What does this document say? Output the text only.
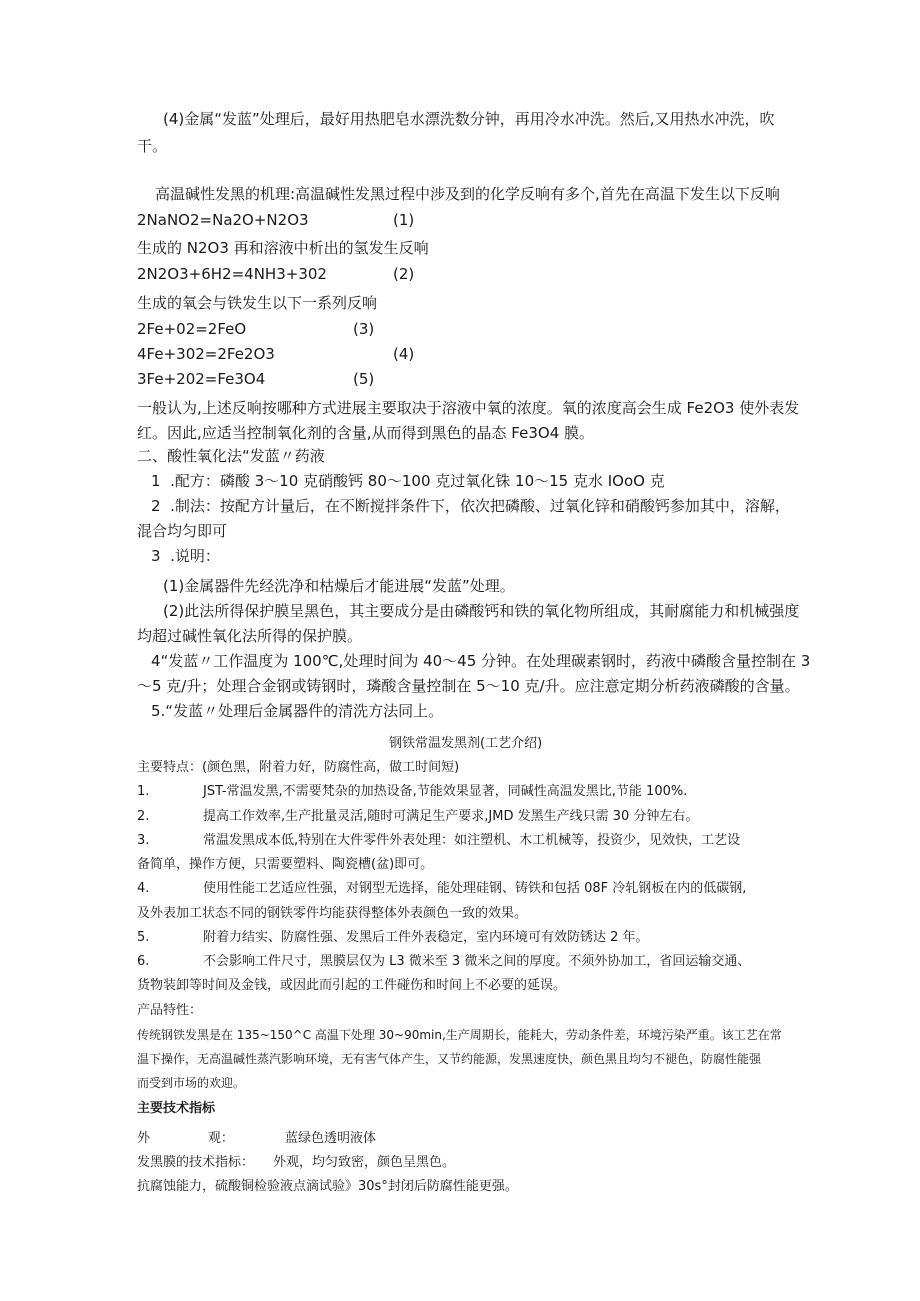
(4)金属“发蓝”处理后，最好用热肥皂水漂洗数分钟，再用冷水冲洗。然后,又用热水冲洗，吹
干。
高温碱性发黑的机理:高温碱性发黑过程中涉及到的化学反响有多个,首先在高温下发生以下反响
2NaNO2=Na2O+N2O3	(1)
生成的 N2O3 再和溶液中析出的氢发生反响
2N2O3+6H2=4NH3+302	(2)
生成的氧会与铁发生以下一系列反响
2Fe+02=2FeO	(3)
4Fe+302=2Fe2O3	(4)
3Fe+202=Fe3O4	(5)
一般认为,上述反响按哪种方式进展主要取决于溶液中氧的浓度。氧的浓度高会生成 Fe2O3 使外表发
红。因此,应适当控制氧化剂的含量,从而得到黑色的晶态 Fe3O4 膜。
二、酸性氧化法“发蓝〃药液
1  .配方：磷酸 3～10 克硝酸钙 80～100 克过氧化铢 10～15 克水 IOoO 克
2  .制法：按配方计量后，在不断搅拌条件下，依次把磷酸、过氧化锌和硝酸钙参加其中，溶解，
混合均匀即可
3  .说明：
(1)金属器件先经洗净和枯燥后才能进展“发蓝”处理。
(2)此法所得保护膜呈黑色，其主要成分是由磷酸钙和铁的氧化物所组成，其耐腐能力和机械强度
均超过碱性氧化法所得的保护膜。
4“发蓝〃工作温度为 100℃,处理时间为 40～45 分钟。在处理碳素钢时，药液中磷酸含量控制在 3
～5 克/升；处理合金钢或铸钢时，璘酸含量控制在 5～10 克/升。应注意定期分析药液磷酸的含量。
5.“发蓝〃处理后金属器件的清洗方法同上。
钢铁常温发黑剂(工艺介绍)
主要特点：(颜色黑，附着力好，防腐性高，做工时间短)
1.	JST-常温发黑,不需要梵杂的加热设备,节能效果显著，同碱性高温发黑比,节能 100%.
2.	提高工作效率,生产批量灵活,随时可满足生产要求,JMD 发黑生产线只需 30 分钟左右。
3.	常温发黑成本低,特别在大件零件外表处理：如注塑机、木工机械等，投资少，见效快，工艺设
备简单，操作方便，只需要塑料、陶瓷槽(盆)即可。
4.	使用性能工艺适应性强，对钢型无选择，能处理硅钢、铸铁和包括 08F 冷轧钢板在内的低碳钢,
及外表加工状态不同的钢铁零件均能获得整体外表颜色一致的效果。
5.	附着力结实、防腐性强、发黑后工件外表稳定，室内环境可有效防锈达 2 年。
6.	不会影响工件尺寸，黑膜层仅为 L3 微米至 3 微米之间的厚度。不须外协加工，省回运输交通、
货物装卸等时间及金钱，或因此而引起的工件碰伤和时间上不必要的延误。
产品特性：
传统钢铁发黑是在 135~150^C 高温下处理 30~90min,生产周期长，能耗大，劳动条件差，环境污染严重。该工艺在常
温下操作，无高温碱性蒸汽影响环境，无有害气体产生，又节约能源，发黑速度快，颜色黑且均匀不褪色，防腐性能强
而受到市场的欢迎。
主要技术指标
外              观：	蓝绿色透明液体
发黑膜的技术指标： 外观，均匀致密，颜色呈黑色。
抗腐蚀能力，硫酸铜检验液点滴试验》30s°封闭后防腐性能更强。
